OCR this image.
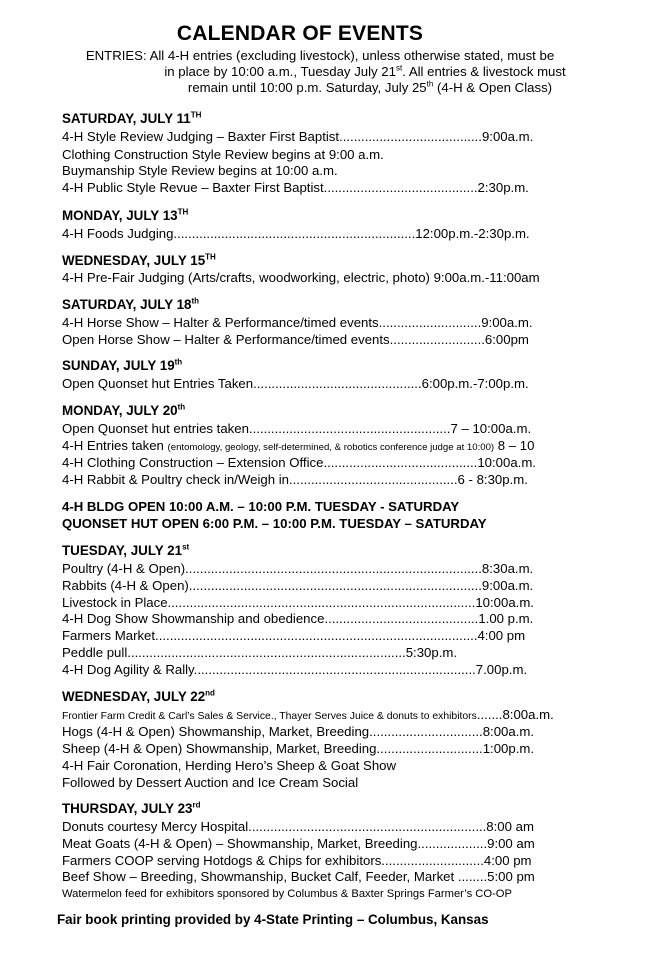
CALENDAR OF EVENTS
ENTRIES: All 4-H entries (excluding livestock), unless otherwise stated, must be
in place by 10:00 a.m., Tuesday July 21st. All entries & livestock must
remain until 10:00 p.m. Saturday, July 25th (4-H & Open Class)
SATURDAY, JULY 11TH
4-H Style Review Judging – Baxter First Baptist.......................................9:00a.m.
Clothing Construction Style Review begins at 9:00 a.m.
Buymanship Style Review begins at 10:00 a.m.
4-H Public Style Revue – Baxter First Baptist..........................................2:30p.m.
MONDAY, JULY 13TH
4-H Foods Judging..................................................................12:00p.m.-2:30p.m.
WEDNESDAY, JULY 15TH
4-H Pre-Fair Judging (Arts/crafts, woodworking, electric, photo) 9:00a.m.-11:00am
SATURDAY, JULY 18th
4-H Horse Show – Halter & Performance/timed events............................9:00a.m.
Open Horse Show – Halter & Performance/timed events..........................6:00pm
SUNDAY, JULY 19th
Open Quonset hut Entries Taken..............................................6:00p.m.-7:00p.m.
MONDAY, JULY 20th
Open Quonset hut entries taken.......................................................7 – 10:00a.m.
4-H Entries taken (entomology, geology, self-determined, & robotics conference judge at 10:00) 8 – 10
4-H Clothing Construction – Extension Office..........................................10:00a.m.
4-H Rabbit & Poultry check in/Weigh in..............................................6 - 8:30p.m.
4-H BLDG OPEN 10:00 A.M. – 10:00 P.M. TUESDAY - SATURDAY
QUONSET HUT OPEN 6:00 P.M. – 10:00 P.M. TUESDAY – SATURDAY
TUESDAY, JULY 21st
Poultry (4-H & Open).................................................................................8:30a.m.
Rabbits (4-H & Open)................................................................................9:00a.m.
Livestock in Place....................................................................................10:00a.m.
4-H Dog Show Showmanship and obedience..........................................1.00 p.m.
Farmers Market........................................................................................4:00 pm
Peddle pull............................................................................5:30p.m.
4-H Dog Agility & Rally.............................................................................7.00p.m.
WEDNESDAY, JULY 22nd
Frontier Farm Credit & Carl’s Sales & Service., Thayer Serves Juice & donuts to exhibitors.......8:00a.m.
Hogs (4-H & Open) Showmanship, Market, Breeding...............................8:00a.m.
Sheep (4-H & Open) Showmanship, Market, Breeding.............................1:00p.m.
4-H Fair Coronation, Herding Hero’s Sheep & Goat Show
Followed by Dessert Auction and Ice Cream Social
THURSDAY, JULY 23rd
Donuts courtesy Mercy Hospital.................................................................8:00 am
Meat Goats (4-H & Open) – Showmanship, Market, Breeding...................9:00 am
Farmers COOP serving Hotdogs & Chips for exhibitors............................4:00 pm
Beef Show – Breeding, Showmanship, Bucket Calf, Feeder, Market ........5:00 pm
Watermelon feed for exhibitors sponsored by Columbus & Baxter Springs Farmer’s CO-OP
Fair book printing provided by 4-State Printing – Columbus, Kansas
